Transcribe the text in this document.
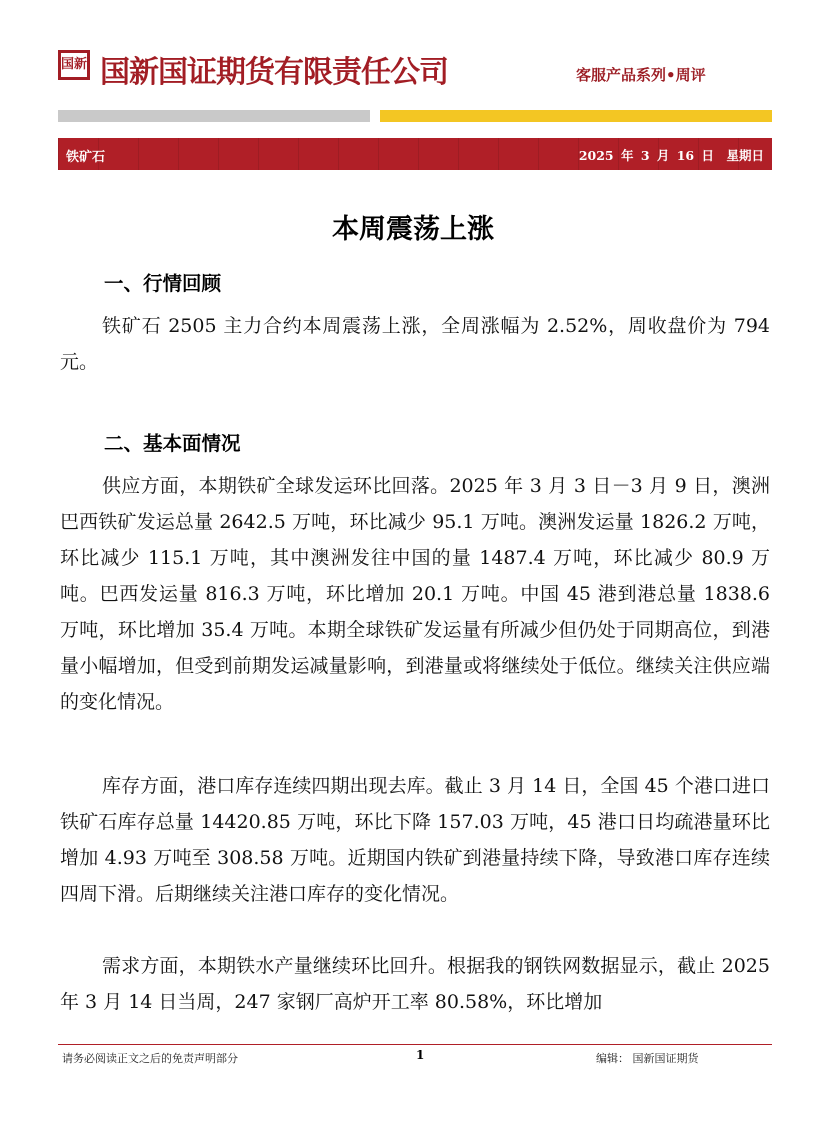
国新 国新国证期货有限责任公司	客服产品系列•周评
铁矿石	2025 年 3 月 16 日　星期日
本周震荡上涨
一、行情回顾

铁矿石 2505 主力合约本周震荡上涨，全周涨幅为 2.52%，周收盘价为 794 元。

二、基本面情况

供应方面，本期铁矿全球发运环比回落。2025 年 3 月 3 日－3 月 9 日，澳洲巴西铁矿发运总量 2642.5 万吨，环比减少 95.1 万吨。澳洲发运量 1826.2 万吨，环比减少 115.1 万吨，其中澳洲发往中国的量 1487.4 万吨，环比减少 80.9 万吨。巴西发运量 816.3 万吨，环比增加 20.1 万吨。中国 45 港到港总量 1838.6 万吨，环比增加 35.4 万吨。本期全球铁矿发运量有所减少但仍处于同期高位，到港量小幅增加，但受到前期发运减量影响，到港量或将继续处于低位。继续关注供应端的变化情况。

库存方面，港口库存连续四期出现去库。截止 3 月 14 日，全国 45 个港口进口铁矿石库存总量 14420.85 万吨，环比下降 157.03 万吨，45 港口日均疏港量环比增加 4.93 万吨至 308.58 万吨。近期国内铁矿到港量持续下降，导致港口库存连续四周下滑。后期继续关注港口库存的变化情况。

需求方面，本期铁水产量继续环比回升。根据我的钢铁网数据显示，截止 2025 年 3 月 14 日当周，247 家钢厂高炉开工率 80.58%，环比增加

请务必阅读正文之后的免责声明部分	1	编辑： 国新国证期货
